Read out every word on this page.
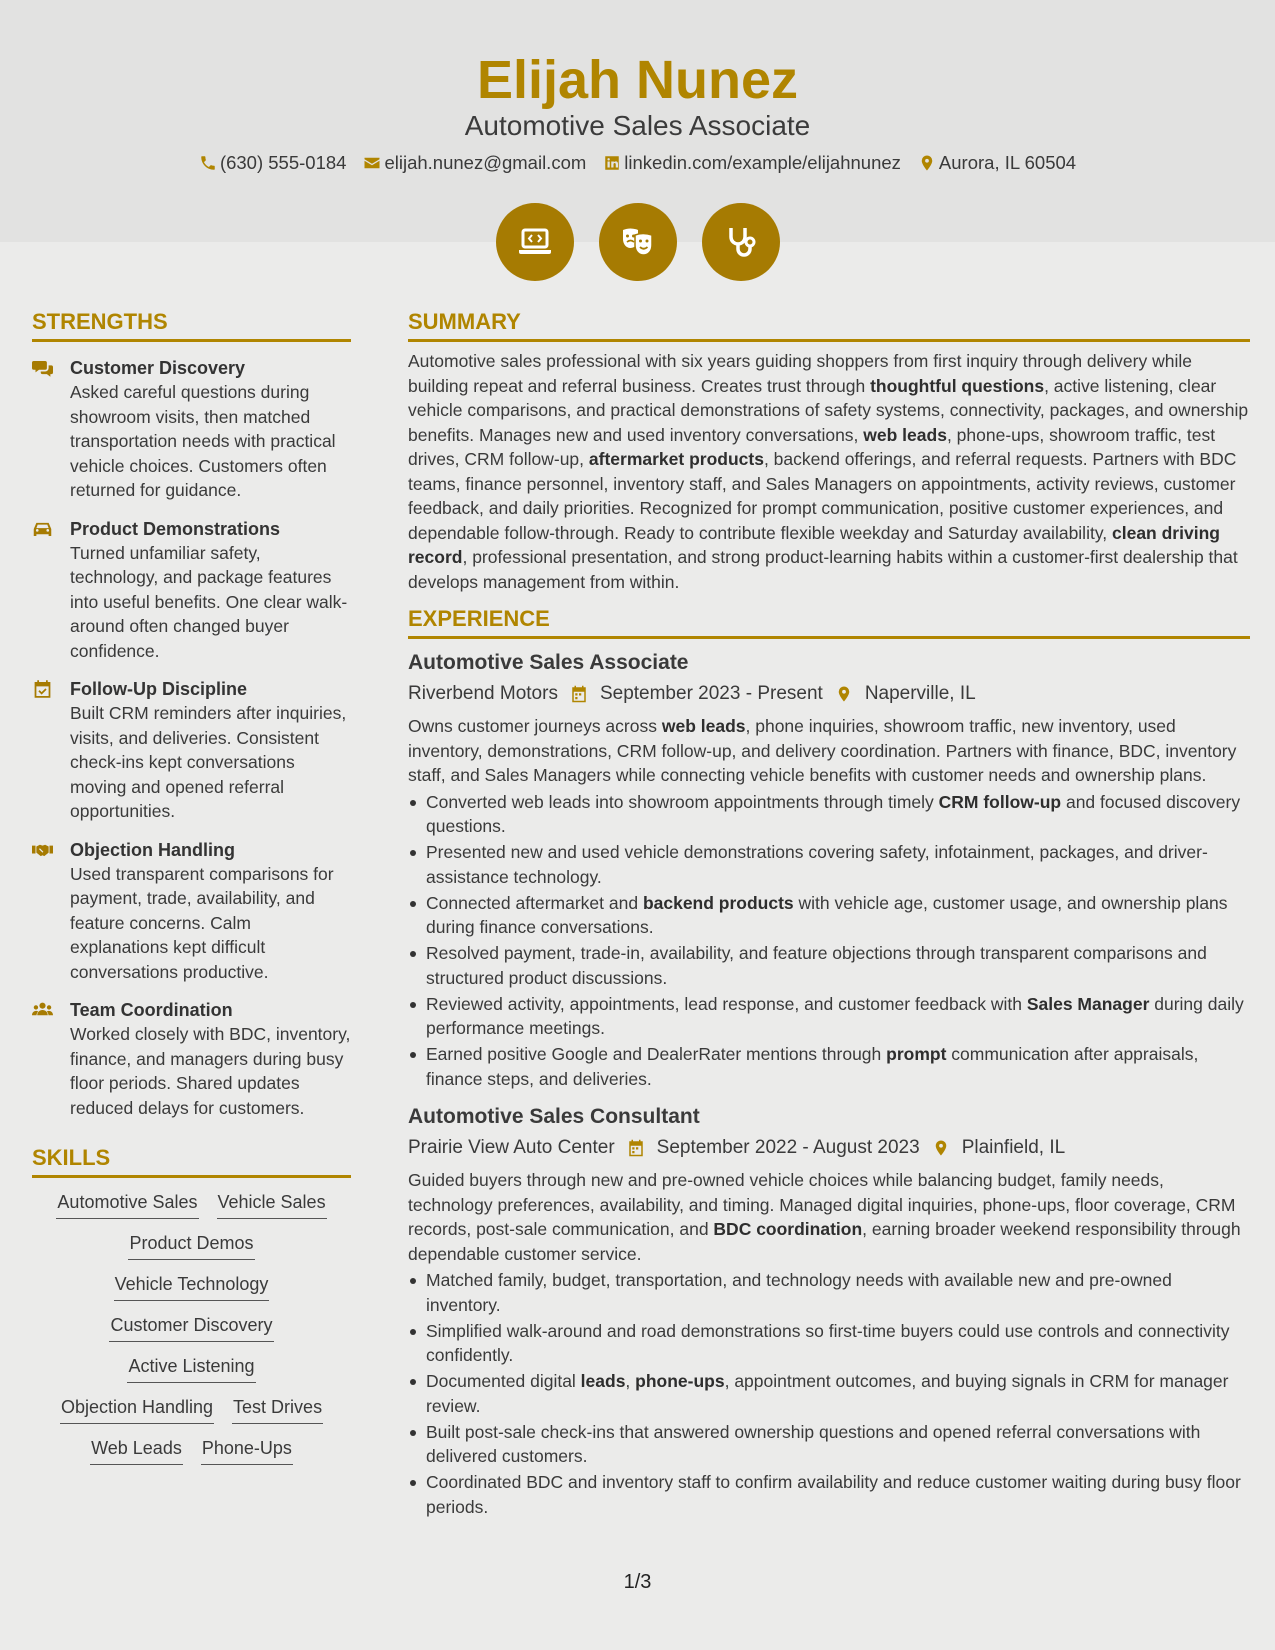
Elijah Nunez
Automotive Sales Associate
(630) 555-0184 elijah.nunez@gmail.com linkedin.com/example/elijahnunez Aurora, IL 60504
STRENGTHS
Customer Discovery
Asked careful questions during showroom visits, then matched transportation needs with practical vehicle choices. Customers often returned for guidance.
Product Demonstrations
Turned unfamiliar safety, technology, and package features into useful benefits. One clear walk-around often changed buyer confidence.
Follow-Up Discipline
Built CRM reminders after inquiries, visits, and deliveries. Consistent check-ins kept conversations moving and opened referral opportunities.
Objection Handling
Used transparent comparisons for payment, trade, availability, and feature concerns. Calm explanations kept difficult conversations productive.
Team Coordination
Worked closely with BDC, inventory, finance, and managers during busy floor periods. Shared updates reduced delays for customers.
SKILLS
Automotive Sales Vehicle Sales
Product Demos
Vehicle Technology
Customer Discovery
Active Listening
Objection Handling Test Drives
Web Leads Phone-Ups
SUMMARY
Automotive sales professional with six years guiding shoppers from first inquiry through delivery while building repeat and referral business. Creates trust through thoughtful questions, active listening, clear vehicle comparisons, and practical demonstrations of safety systems, connectivity, packages, and ownership benefits. Manages new and used inventory conversations, web leads, phone-ups, showroom traffic, test drives, CRM follow-up, aftermarket products, backend offerings, and referral requests. Partners with BDC teams, finance personnel, inventory staff, and Sales Managers on appointments, activity reviews, customer feedback, and daily priorities. Recognized for prompt communication, positive customer experiences, and dependable follow-through. Ready to contribute flexible weekday and Saturday availability, clean driving record, professional presentation, and strong product-learning habits within a customer-first dealership that develops management from within.
EXPERIENCE
Automotive Sales Associate
Riverbend Motors September 2023 - Present Naperville, IL
Owns customer journeys across web leads, phone inquiries, showroom traffic, new inventory, used inventory, demonstrations, CRM follow-up, and delivery coordination. Partners with finance, BDC, inventory staff, and Sales Managers while connecting vehicle benefits with customer needs and ownership plans.
Converted web leads into showroom appointments through timely CRM follow-up and focused discovery questions.
Presented new and used vehicle demonstrations covering safety, infotainment, packages, and driver-assistance technology.
Connected aftermarket and backend products with vehicle age, customer usage, and ownership plans during finance conversations.
Resolved payment, trade-in, availability, and feature objections through transparent comparisons and structured product discussions.
Reviewed activity, appointments, lead response, and customer feedback with Sales Manager during daily performance meetings.
Earned positive Google and DealerRater mentions through prompt communication after appraisals, finance steps, and deliveries.
Automotive Sales Consultant
Prairie View Auto Center September 2022 - August 2023 Plainfield, IL
Guided buyers through new and pre-owned vehicle choices while balancing budget, family needs, technology preferences, availability, and timing. Managed digital inquiries, phone-ups, floor coverage, CRM records, post-sale communication, and BDC coordination, earning broader weekend responsibility through dependable customer service.
Matched family, budget, transportation, and technology needs with available new and pre-owned inventory.
Simplified walk-around and road demonstrations so first-time buyers could use controls and connectivity confidently.
Documented digital leads, phone-ups, appointment outcomes, and buying signals in CRM for manager review.
Built post-sale check-ins that answered ownership questions and opened referral conversations with delivered customers.
Coordinated BDC and inventory staff to confirm availability and reduce customer waiting during busy floor periods.
1/3
